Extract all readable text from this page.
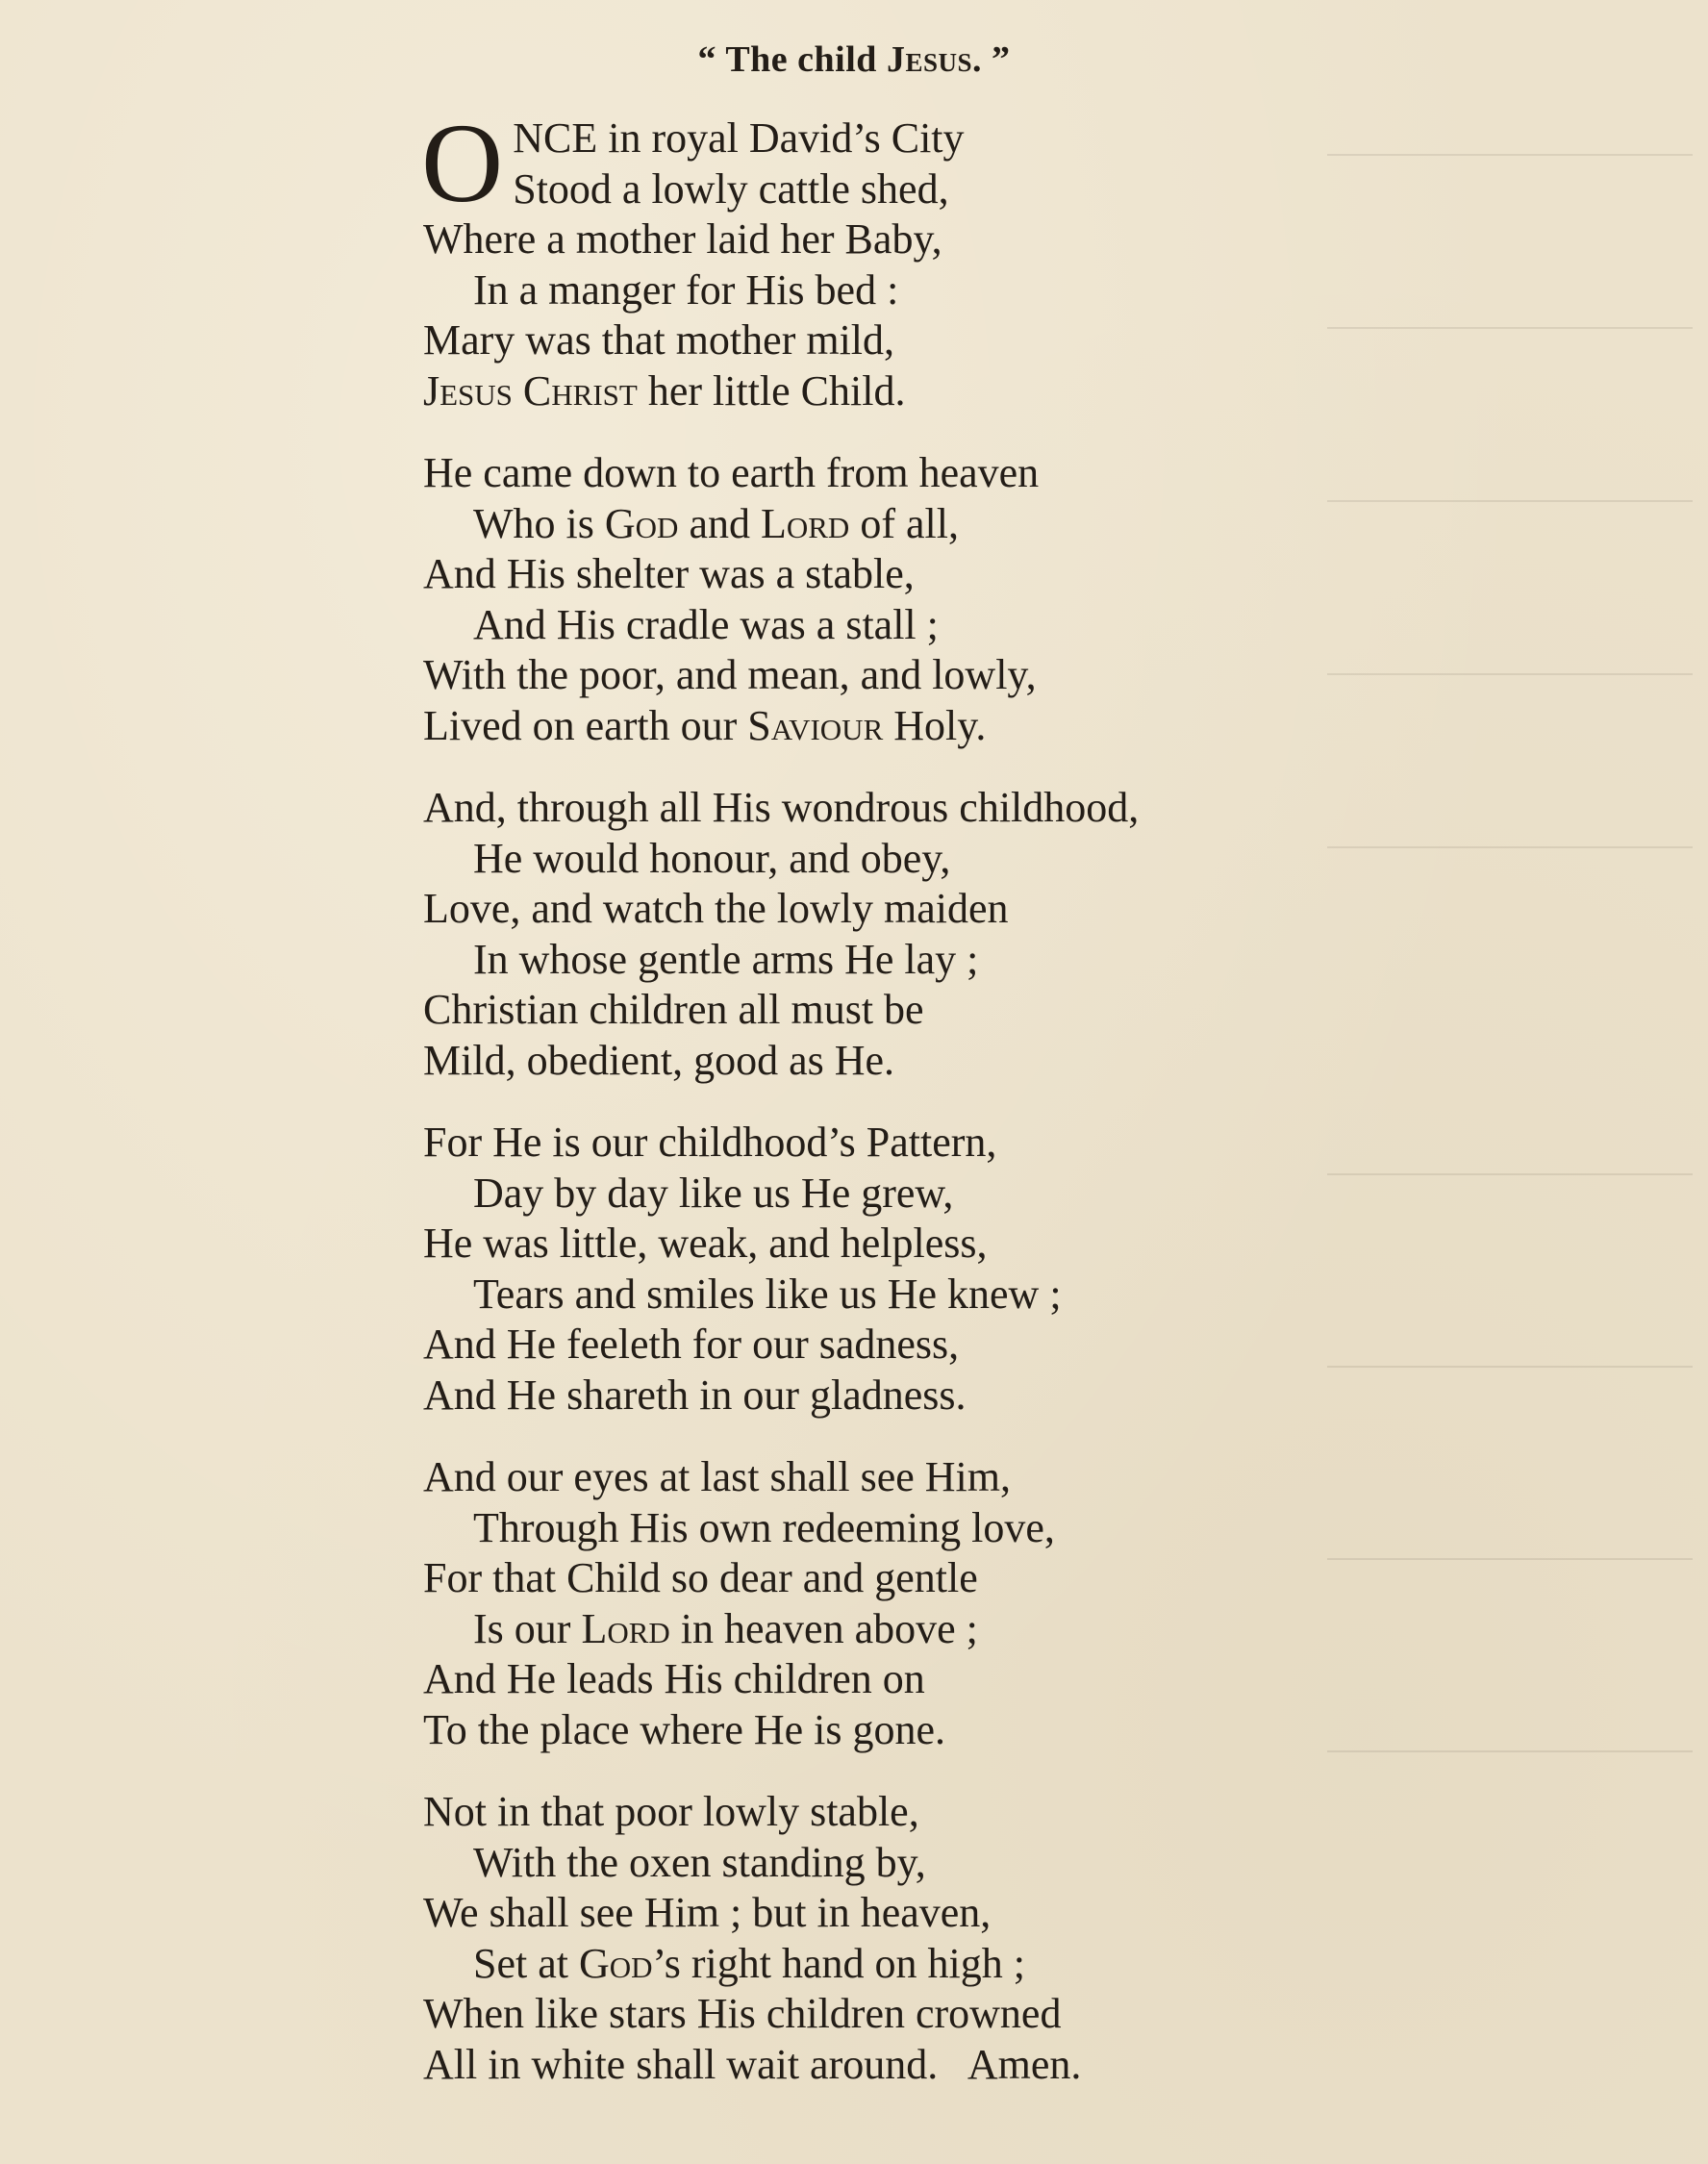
“ The child Jesus. ”
O NCE in royal David’s City
Stood a lowly cattle shed,
Where a mother laid her Baby,
In a manger for His bed :
Mary was that mother mild,
Jesus Christ her little Child.
He came down to earth from heaven
Who is God and Lord of all,
And His shelter was a stable,
And His cradle was a stall ;
With the poor, and mean, and lowly,
Lived on earth our Saviour Holy.
And, through all His wondrous childhood,
He would honour, and obey,
Love, and watch the lowly maiden
In whose gentle arms He lay ;
Christian children all must be
Mild, obedient, good as He.
For He is our childhood’s Pattern,
Day by day like us He grew,
He was little, weak, and helpless,
Tears and smiles like us He knew ;
And He feeleth for our sadness,
And He shareth in our gladness.
And our eyes at last shall see Him,
Through His own redeeming love,
For that Child so dear and gentle
Is our Lord in heaven above ;
And He leads His children on
To the place where He is gone.
Not in that poor lowly stable,
With the oxen standing by,
We shall see Him ; but in heaven,
Set at God’s right hand on high ;
When like stars His children crowned
All in white shall wait around.   Amen.
